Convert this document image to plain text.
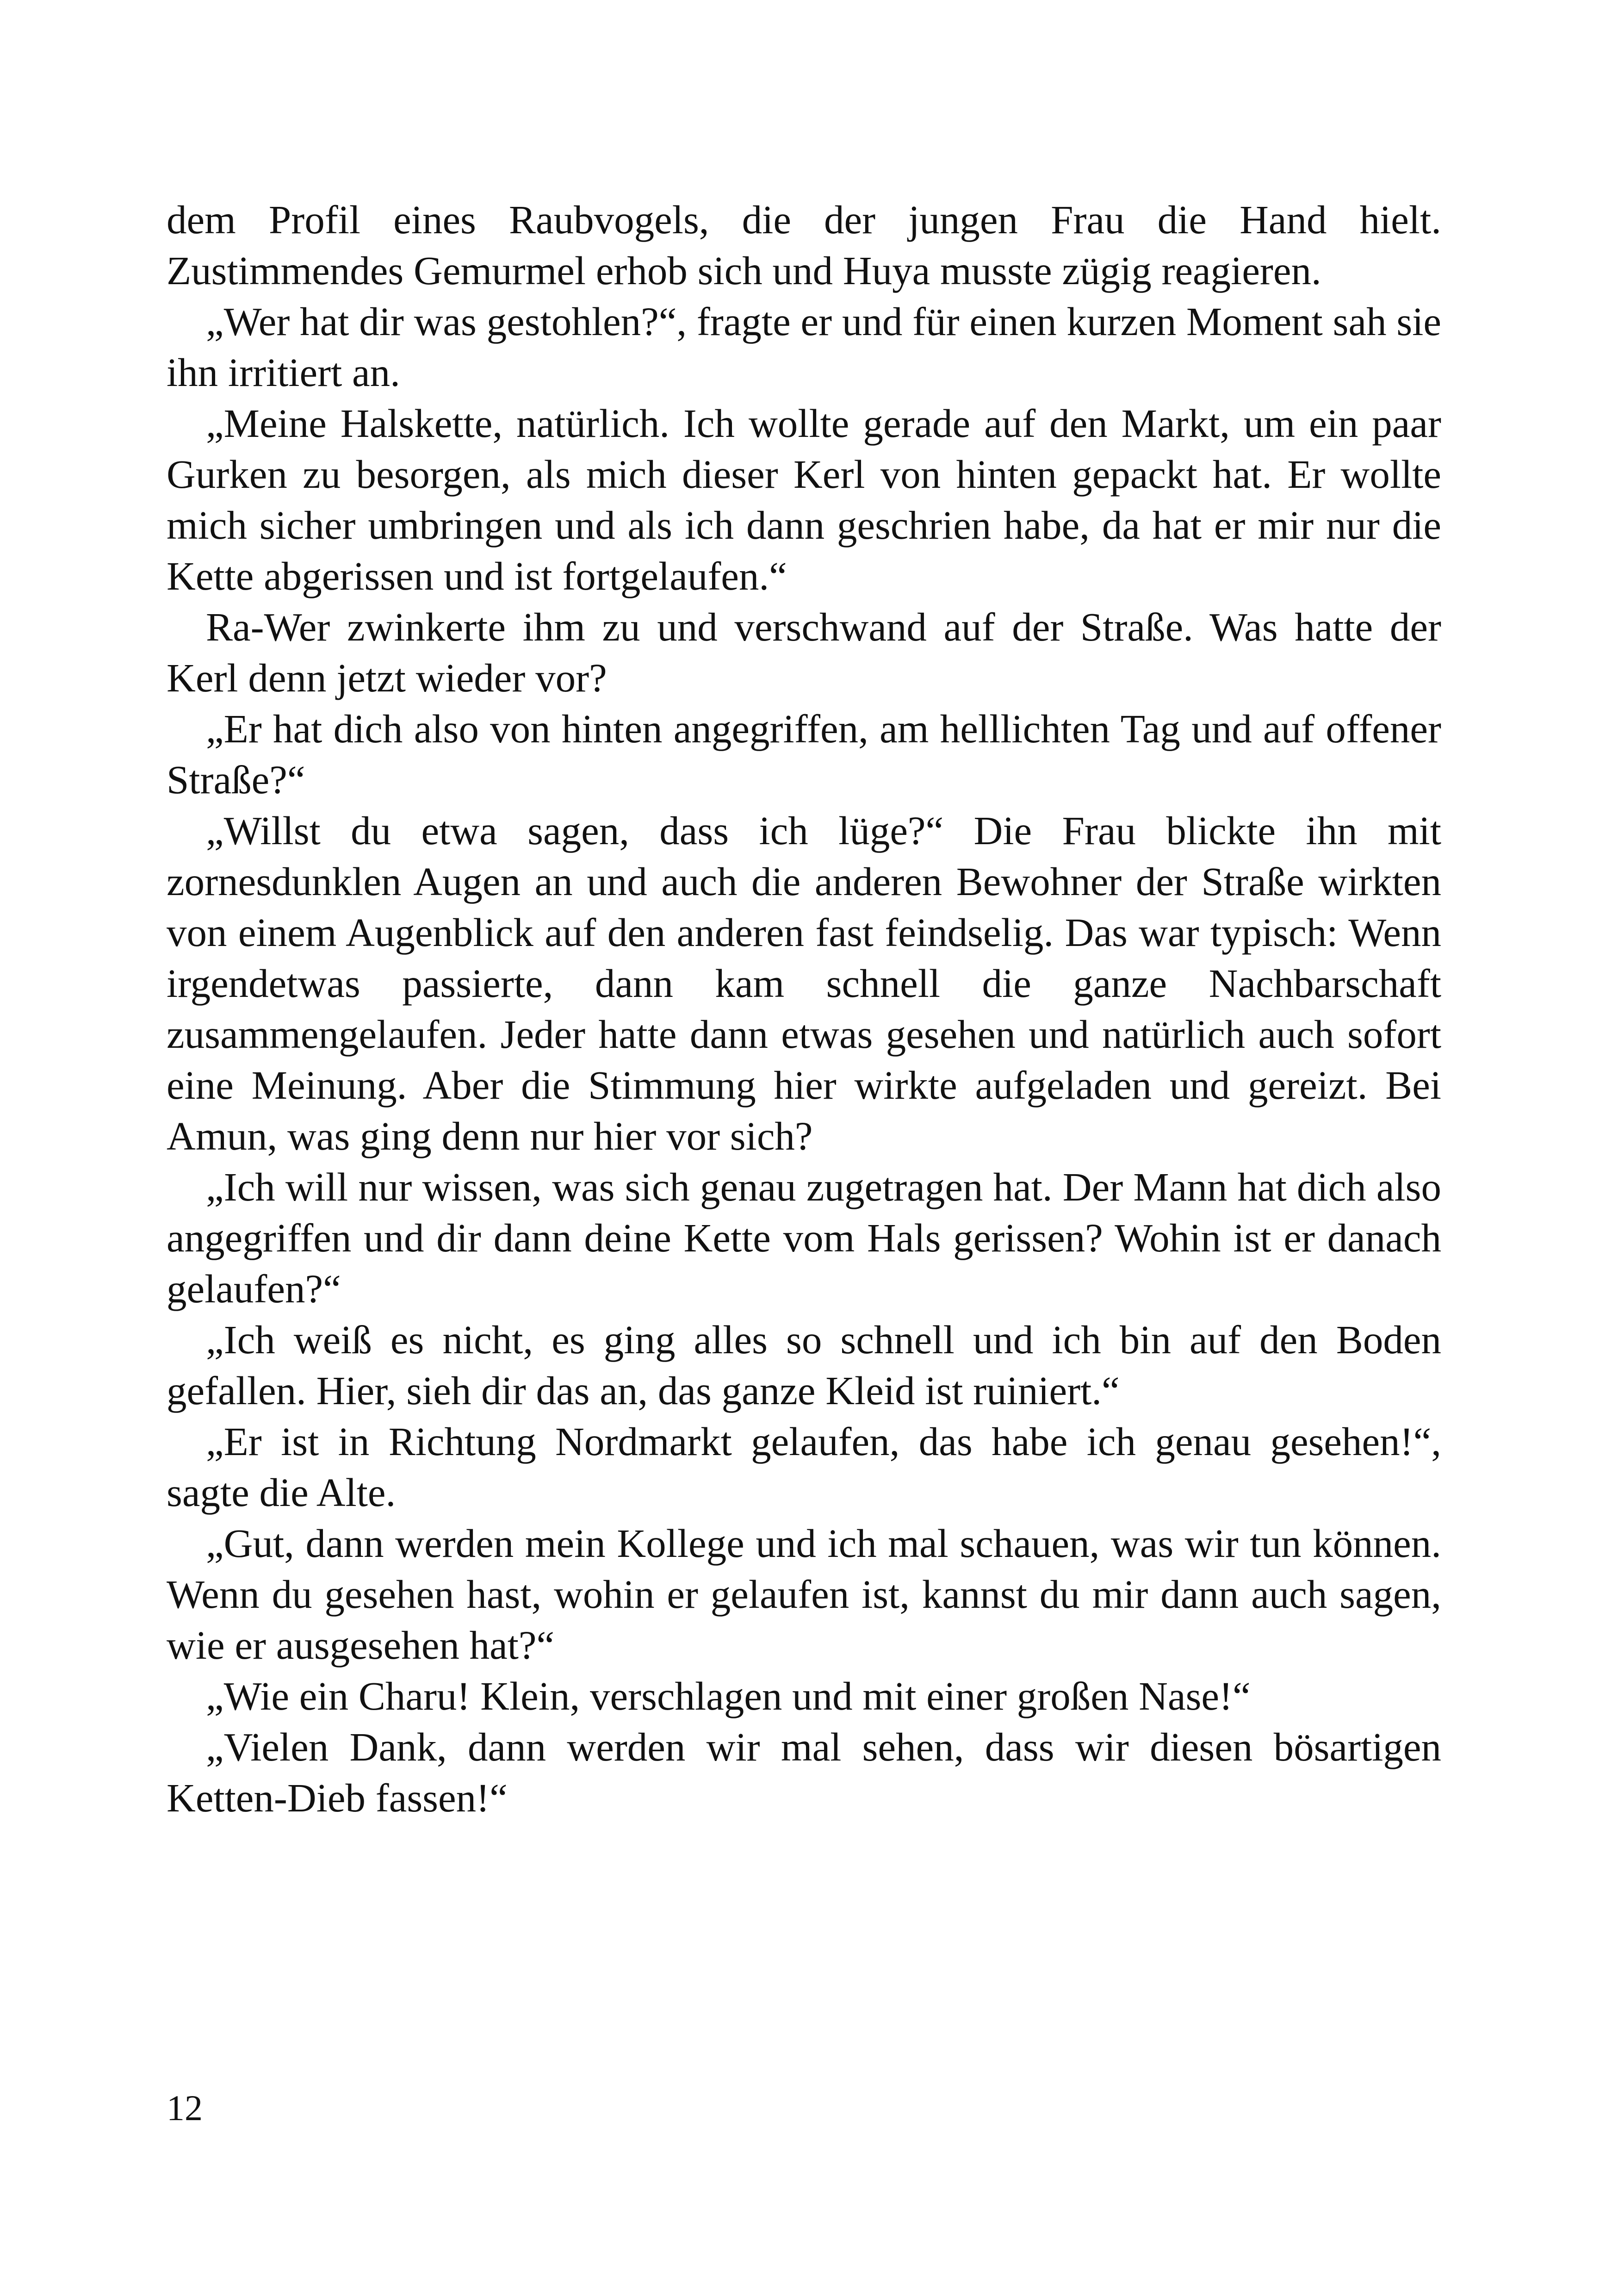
dem Profil eines Raubvogels, die der jungen Frau die Hand hielt. Zustimmendes Gemurmel erhob sich und Huya musste zügig reagieren.

„Wer hat dir was gestohlen?“, fragte er und für einen kurzen Moment sah sie ihn irritiert an.

„Meine Halskette, natürlich. Ich wollte gerade auf den Markt, um ein paar Gurken zu besorgen, als mich dieser Kerl von hinten gepackt hat. Er wollte mich sicher umbringen und als ich dann geschrien habe, da hat er mir nur die Kette abgerissen und ist fortgelaufen.“

Ra-Wer zwinkerte ihm zu und verschwand auf der Straße. Was hatte der Kerl denn jetzt wieder vor?

„Er hat dich also von hinten angegriffen, am helllichten Tag und auf offener Straße?“

„Willst du etwa sagen, dass ich lüge?“ Die Frau blickte ihn mit zornesdunklen Augen an und auch die anderen Bewohner der Straße wirkten von einem Augenblick auf den anderen fast feindselig. Das war typisch: Wenn irgendetwas passierte, dann kam schnell die ganze Nachbarschaft zusammengelaufen. Jeder hatte dann etwas gesehen und natürlich auch sofort eine Meinung. Aber die Stimmung hier wirkte aufgeladen und gereizt. Bei Amun, was ging denn nur hier vor sich?

„Ich will nur wissen, was sich genau zugetragen hat. Der Mann hat dich also angegriffen und dir dann deine Kette vom Hals gerissen? Wohin ist er danach gelaufen?“

„Ich weiß es nicht, es ging alles so schnell und ich bin auf den Boden gefallen. Hier, sieh dir das an, das ganze Kleid ist ruiniert.“

„Er ist in Richtung Nordmarkt gelaufen, das habe ich genau gesehen!“, sagte die Alte.

„Gut, dann werden mein Kollege und ich mal schauen, was wir tun können. Wenn du gesehen hast, wohin er gelaufen ist, kannst du mir dann auch sagen, wie er ausgesehen hat?“

„Wie ein Charu! Klein, verschlagen und mit einer großen Nase!“

„Vielen Dank, dann werden wir mal sehen, dass wir diesen bösartigen Ketten-Dieb fassen!“

12
